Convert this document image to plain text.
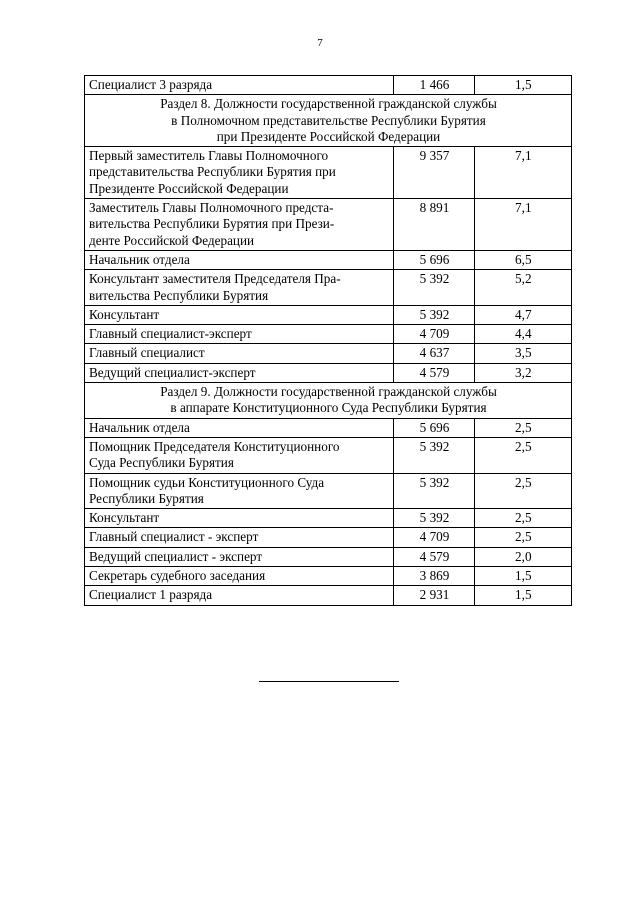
7
Специалист 3 разряда	1 466	1,5

Раздел 8. Должности государственной гражданской службы
в Полномочном представительстве Республики Бурятия
при Президенте Российской Федерации		

Первый заместитель Главы Полномочного
представительства Республики Бурятия при
Президенте Российской Федерации	9 357	7,1

Заместитель Главы Полномочного предста-
вительства Республики Бурятия при Прези-
денте Российской Федерации	8 891	7,1

Начальник отдела	5 696	6,5

Консультант заместителя Председателя Пра-
вительства Республики Бурятия	5 392	5,2

Консультант	5 392	4,7

Главный специалист-эксперт	4 709	4,4

Главный специалист	4 637	3,5

Ведущий специалист-эксперт	4 579	3,2

Раздел 9. Должности государственной гражданской службы
в аппарате Конституционного Суда Республики Бурятия		

Начальник отдела	5 696	2,5

Помощник Председателя Конституционного
Суда Республики Бурятия	5 392	2,5

Помощник судьи Конституционного Суда
Республики Бурятия	5 392	2,5

Консультант	5 392	2,5

Главный специалист - эксперт	4 709	2,5

Ведущий специалист - эксперт	4 579	2,0

Секретарь судебного заседания	3 869	1,5

Специалист 1 разряда	2 931	1,5
